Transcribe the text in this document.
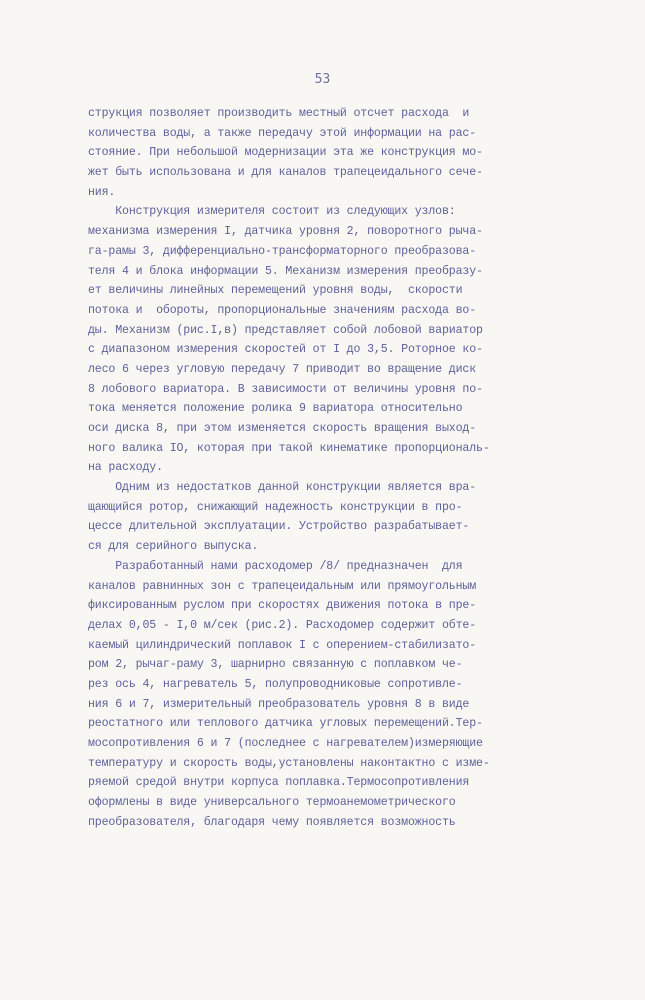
53
струкция позволяет производить местный отсчет расхода  и
количества воды, а также передачу этой информации на рас-
стояние. При небольшой модернизации эта же конструкция мо-
жет быть использована и для каналов трапецеидального сече-
ния.
Конструкция измерителя состоит из следующих узлов:
механизма измерения I, датчика уровня 2, поворотного рыча-
га-рамы 3, дифференциально-трансформаторного преобразова-
теля 4 и блока информации 5. Механизм измерения преобразу-
ет величины линейных перемещений уровня воды,  скорости
потока и  обороты, пропорциональные значениям расхода во-
ды. Механизм (рис.I,в) представляет собой лобовой вариатор
с диапазоном измерения скоростей от I до 3,5. Роторное ко-
лесо 6 через угловую передачу 7 приводит во вращение диск
8 лобового вариатора. В зависимости от величины уровня по-
тока меняется положение ролика 9 вариатора относительно
оси диска 8, при этом изменяется скорость вращения выход-
ного валика IO, которая при такой кинематике пропорциональ-
на расходу.
Одним из недостатков данной конструкции является вра-
щающийся ротор, снижающий надежность конструкции в про-
цессе длительной эксплуатации. Устройство разрабатывает-
ся для серийного выпуска.
Разработанный нами расходомер /8/ предназначен  для
каналов равнинных зон с трапецеидальным или прямоугольным
фиксированным руслом при скоростях движения потока в пре-
делах 0,05 - I,0 м/сек (рис.2). Расходомер содержит обте-
каемый цилиндрический поплавок I с оперением-стабилизато-
ром 2, рычаг-раму 3, шарнирно связанную с поплавком че-
рез ось 4, нагреватель 5, полупроводниковые сопротивле-
ния 6 и 7, измерительный преобразователь уровня 8 в виде
реостатного или теплового датчика угловых перемещений.Тер-
мосопротивления 6 и 7 (последнее с нагревателем)измеряющие
температуру и скорость воды,установлены наконтактно с изме-
ряемой средой внутри корпуса поплавка.Термосопротивления
оформлены в виде универсального термоанемометрического
преобразователя, благодаря чему появляется возможность
